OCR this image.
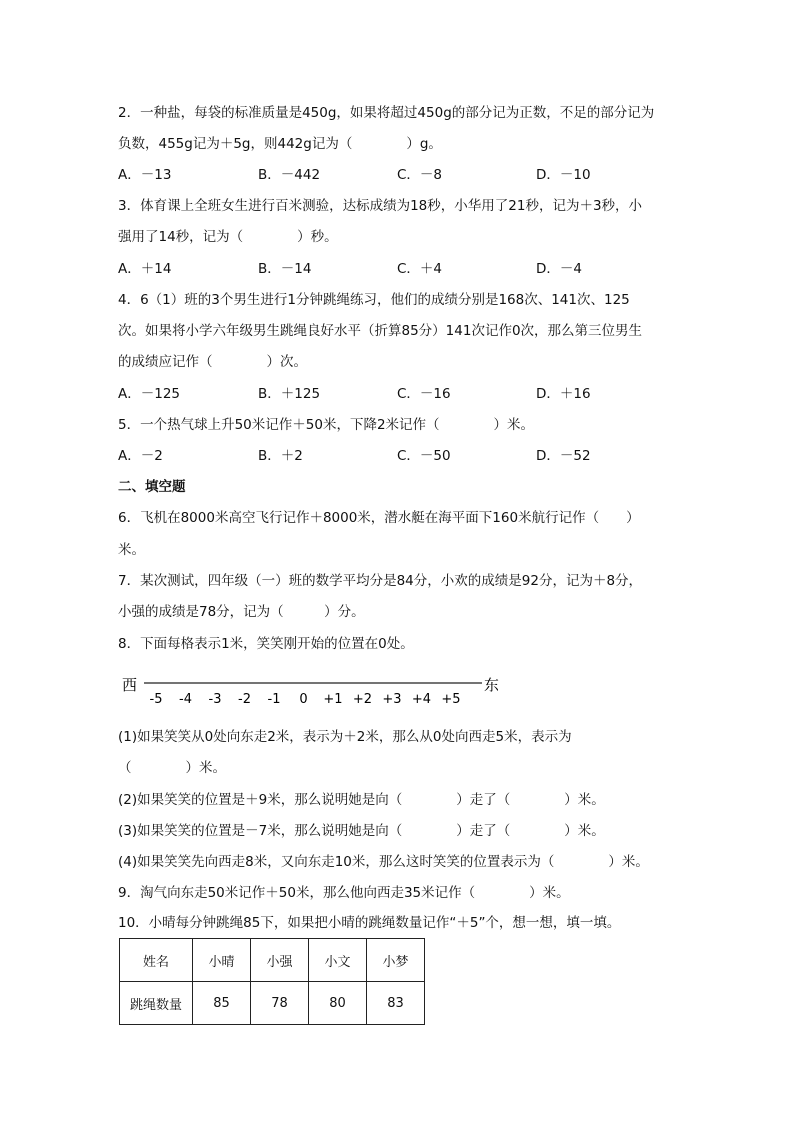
2．一种盐，每袋的标准质量是450g，如果将超过450g的部分记为正数，不足的部分记为
负数，455g记为＋5g，则442g记为（　　　　）g。
A．－13	B．－442	C．－8	D．－10
3．体育课上全班女生进行百米测验，达标成绩为18秒，小华用了21秒，记为＋3秒，小
强用了14秒，记为（　　　　）秒。
A．＋14	B．－14	C．＋4	D．－4
4．6（1）班的3个男生进行1分钟跳绳练习，他们的成绩分别是168次、141次、125
次。如果将小学六年级男生跳绳良好水平（折算85分）141次记作0次，那么第三位男生
的成绩应记作（　　　　）次。
A．－125	B．＋125	C．－16	D．＋16
5．一个热气球上升50米记作＋50米，下降2米记作（　　　　）米。
A．－2	B．＋2	C．－50	D．－52
二、填空题
6．飞机在8000米高空飞行记作＋8000米，潜水艇在海平面下160米航行记作（　　）
米。
7．某次测试，四年级（一）班的数学平均分是84分，小欢的成绩是92分，记为＋8分，
小强的成绩是78分，记为（　　　）分。
8．下面每格表示1米，笑笑刚开始的位置在0处。
西	东
-5 -4 -3 -2 -1 0 +1 +2 +3 +4 +5
(1)如果笑笑从0处向东走2米，表示为＋2米，那么从0处向西走5米，表示为
（　　　　）米。
(2)如果笑笑的位置是＋9米，那么说明她是向（　　　　）走了（　　　　）米。
(3)如果笑笑的位置是－7米，那么说明她是向（　　　　）走了（　　　　）米。
(4)如果笑笑先向西走8米，又向东走10米，那么这时笑笑的位置表示为（　　　　）米。
9．淘气向东走50米记作＋50米，那么他向西走35米记作（　　　　）米。
10．小晴每分钟跳绳85下，如果把小晴的跳绳数量记作“＋5”个，想一想，填一填。
姓名	小晴	小强	小文	小梦
跳绳数量	85	78	80	83
